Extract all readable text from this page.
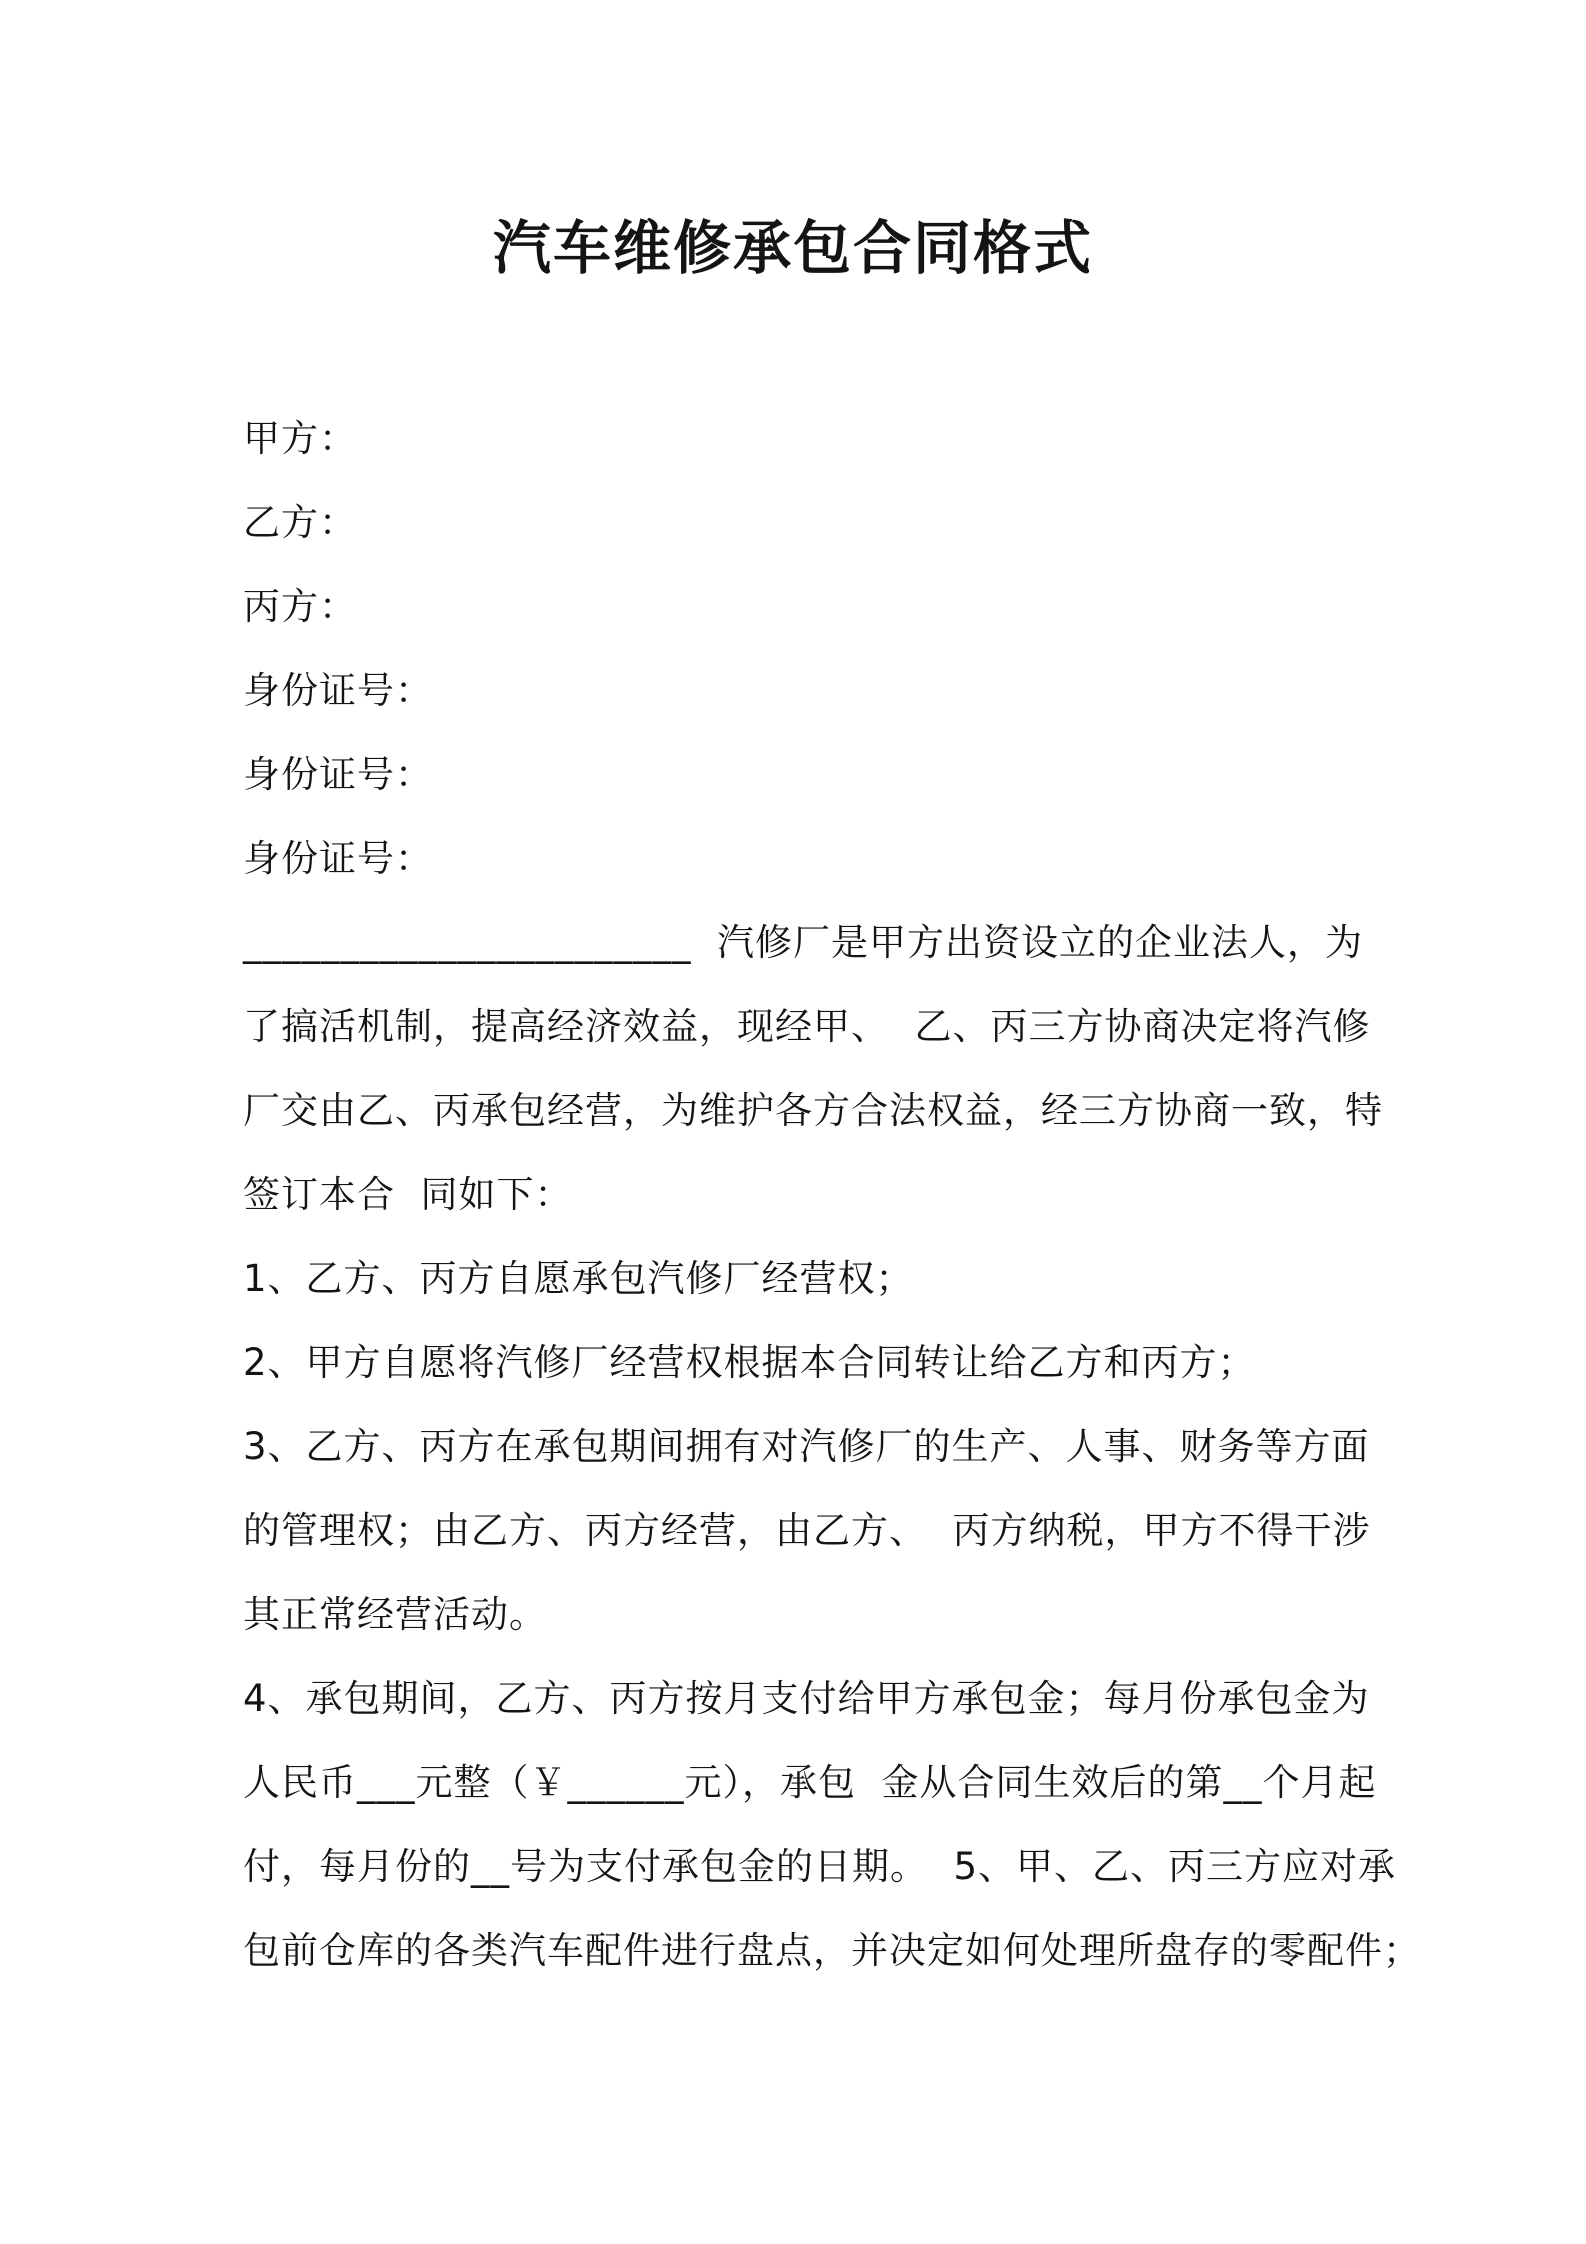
汽车维修承包合同格式
甲方：
乙方：
丙方：
身份证号：
身份证号：
身份证号：
_______________________  汽修厂是甲方出资设立的企业法人，为
了搞活机制，提高经济效益，现经甲、  乙、丙三方协商决定将汽修
厂交由乙、丙承包经营，为维护各方合法权益，经三方协商一致，特
签订本合  同如下：
1、乙方、丙方自愿承包汽修厂经营权；
2、甲方自愿将汽修厂经营权根据本合同转让给乙方和丙方；
3、乙方、丙方在承包期间拥有对汽修厂的生产、人事、财务等方面
的管理权；由乙方、丙方经营，由乙方、  丙方纳税，甲方不得干涉
其正常经营活动。
4、承包期间，乙方、丙方按月支付给甲方承包金；每月份承包金为
人民币___元整（￥______元），承包  金从合同生效后的第__个月起
付，每月份的__号为支付承包金的日期。  5、甲、乙、丙三方应对承
包前仓库的各类汽车配件进行盘点，并决定如何处理所盘存的零配件；
